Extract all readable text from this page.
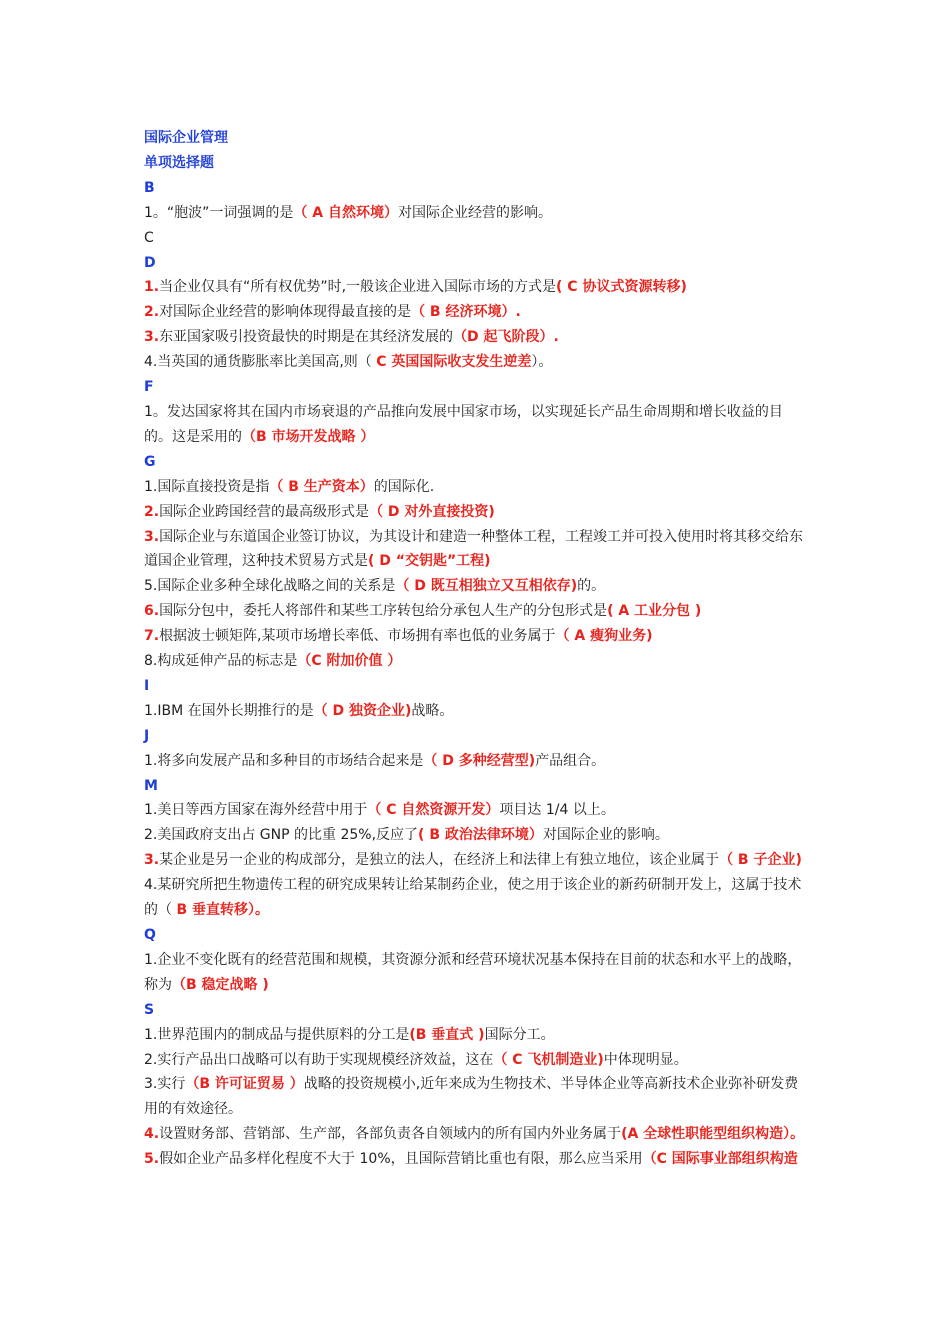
国际企业管理

单项选择题

B

1。“胞波”一词强调的是（ A 自然环境）对国际企业经营的影响。

C

D

1.当企业仅具有“所有权优势”时,一般该企业进入国际市场的方式是( C 协议式资源转移)

2.对国际企业经营的影响体现得最直接的是（ B 经济环境）.

3.东亚国家吸引投资最快的时期是在其经济发展的（D 起飞阶段）.

4.当英国的通货膨胀率比美国高,则（ C 英国国际收支发生逆差）。

F

1。发达国家将其在国内市场衰退的产品推向发展中国家市场，以实现延长产品生命周期和增长收益的目的。这是采用的（B 市场开发战略 ）

G

1.国际直接投资是指（ B 生产资本）的国际化.

2.国际企业跨国经营的最高级形式是（ D 对外直接投资)

3.国际企业与东道国企业签订协议，为其设计和建造一种整体工程，工程竣工并可投入使用时将其移交给东道国企业管理，这种技术贸易方式是( D “交钥匙”工程)

5.国际企业多种全球化战略之间的关系是（ D 既互相独立又互相依存)的。

6.国际分包中，委托人将部件和某些工序转包给分承包人生产的分包形式是( A 工业分包 )

7.根据波士顿矩阵,某项市场增长率低、市场拥有率也低的业务属于（ A 瘦狗业务)

8.构成延伸产品的标志是（C 附加价值 ）

I

1.IBM 在国外长期推行的是（ D 独资企业)战略。

J

1.将多向发展产品和多种目的市场结合起来是（ D 多种经营型)产品组合。

M

1.美日等西方国家在海外经营中用于（ C 自然资源开发）项目达 1/4 以上。

2.美国政府支出占 GNP 的比重 25%,反应了( B 政治法律环境）对国际企业的影响。

3.某企业是另一企业的构成部分，是独立的法人，在经济上和法律上有独立地位，该企业属于（ B 子企业)

4.某研究所把生物遗传工程的研究成果转让给某制药企业，使之用于该企业的新药研制开发上，这属于技术的（ B 垂直转移）。

Q

1.企业不变化既有的经营范围和规模，其资源分派和经营环境状况基本保持在目前的状态和水平上的战略，称为（B 稳定战略 )

S

1.世界范围内的制成品与提供原料的分工是(B 垂直式 )国际分工。

2.实行产品出口战略可以有助于实现规模经济效益，这在（ C 飞机制造业)中体现明显。

3.实行（B 许可证贸易 ）战略的投资规模小,近年来成为生物技术、半导体企业等高新技术企业弥补研发费用的有效途径。

4.设置财务部、营销部、生产部，各部负责各自领域内的所有国内外业务属于(A 全球性职能型组织构造）。

5.假如企业产品多样化程度不大于 10%，且国际营销比重也有限，那么应当采用（C 国际事业部组织构造
